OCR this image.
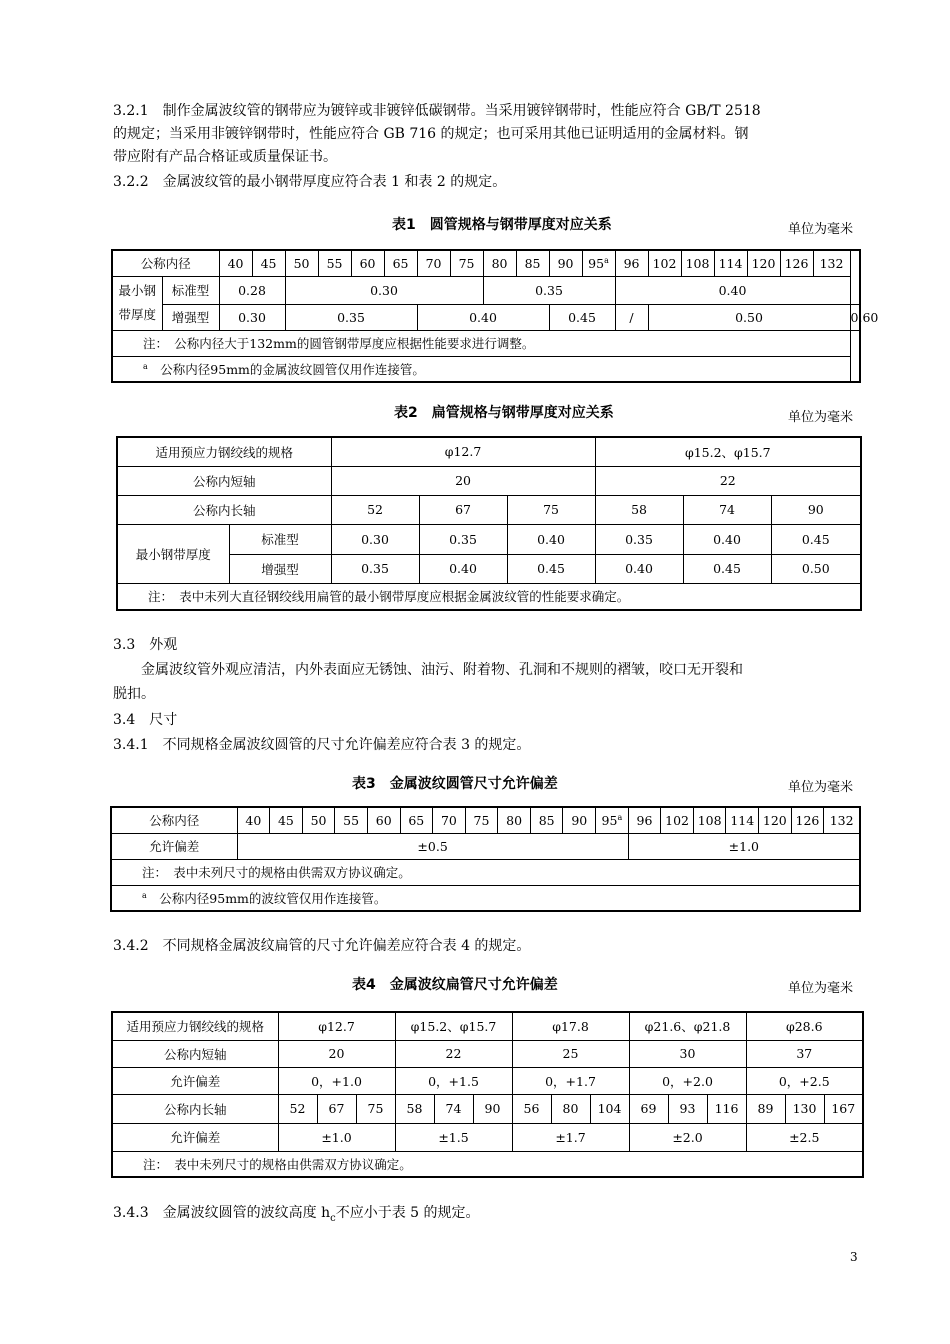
3.2.1　制作金属波纹管的钢带应为镀锌或非镀锌低碳钢带。当采用镀锌钢带时，性能应符合 GB/T 2518
的规定；当采用非镀锌钢带时，性能应符合 GB 716 的规定；也可采用其他已证明适用的金属材料。钢
带应附有产品合格证或质量保证书。
3.2.2　金属波纹管的最小钢带厚度应符合表 1 和表 2 的规定。
表1　圆管规格与钢带厚度对应关系	单位为毫米
公称内径		40	45	50	55	60	65	70	75	80	85	90	95$^a$	96	102	108	114	120	126	132	

最小钢
带厚度	标准型	0.28		0.30						0.35				0.40							
	增强型	0.30		0.35				0.40				0.45		/	0.50						0.60
注：　公称内径大于132mm的圆管钢带厚度应根据性能要求进行调整。																					
$^a$　 公称内径95mm的金属波纹圆管仅用作连接管。																					
表2　扁管规格与钢带厚度对应关系	单位为毫米
适用预应力钢绞线的规格		φ12.7			φ15.2、φ15.7		
公称内短轴		20			22		
公称内长轴		52	67	75	58	74	90
最小钢带厚度	标准型	0.30	0.35	0.40	0.35	0.40	0.45
	增强型	0.35	0.40	0.45	0.40	0.45	0.50
注：　表中未列大直径钢绞线用扁管的最小钢带厚度应根据金属波纹管的性能要求确定。							
3.3　外观
　　金属波纹管外观应清洁，内外表面应无锈蚀、油污、附着物、孔洞和不规则的褶皱，咬口无开裂和
脱扣。
3.4　尺寸
3.4.1　不同规格金属波纹圆管的尺寸允许偏差应符合表 3 的规定。
表3　金属波纹圆管尺寸允许偏差	单位为毫米
公称内径	40	45	50	55	60	65	70	75	80	85	90	95$^a$	96	102	108	114	120	126	132
允许偏差	±0.5												±1.0						
注：　表中未列尺寸的规格由供需双方协议确定。																			
$^a$　 公称内径95mm的波纹管仅用作连接管。																			
3.4.2　不同规格金属波纹扁管的尺寸允许偏差应符合表 4 的规定。
表4　金属波纹扁管尺寸允许偏差	单位为毫米
适用预应力钢绞线的规格	φ12.7			φ15.2、φ15.7			φ17.8			φ21.6、φ21.8			φ28.6		
公称内短轴	20			22			25			30			37		
允许偏差	0，+1.0			0，+1.5			0，+1.7			0，+2.0			0，+2.5		
公称内长轴	52	67	75	58	74	90	56	80	104	69	93	116	89	130	167
允许偏差	±1.0			±1.5			±1.7			±2.0			±2.5		
注：　表中未列尺寸的规格由供需双方协议确定。															
3.4.3　金属波纹圆管的波纹高度 $h_c$不应小于表 5 的规定。
3
